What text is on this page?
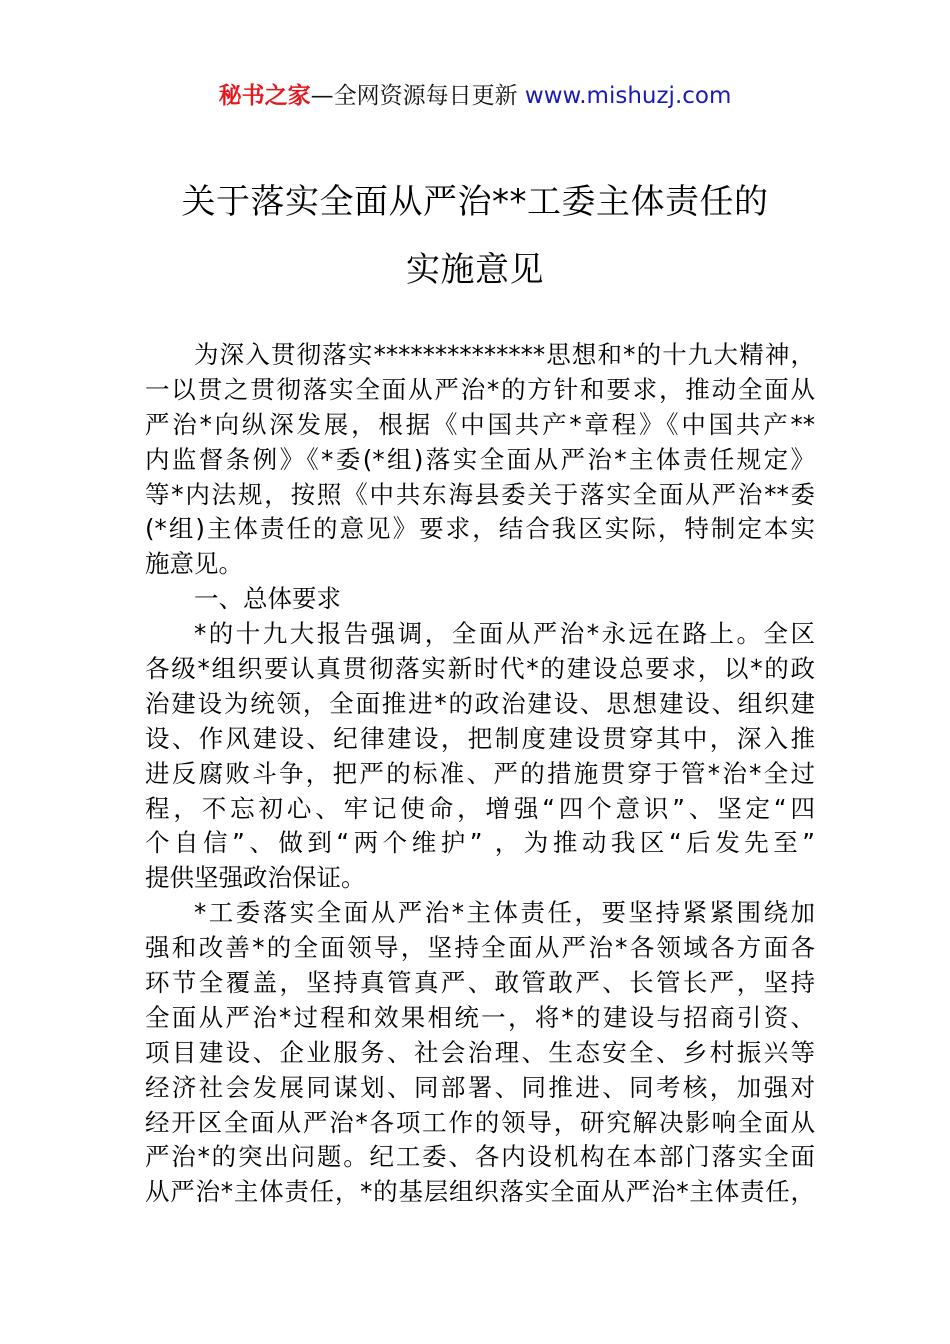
秘书之家—全网资源每日更新 www.mishuzj.com
关于落实全面从严治**工委主体责任的
实施意见
为深入贯彻落实**************思想和*的十九大精神，
一以贯之贯彻落实全面从严治*的方针和要求，推动全面从
严治*向纵深发展，根据《中国共产*章程》《中国共产**
内监督条例》《*委(*组)落实全面从严治*主体责任规定》
等*内法规，按照《中共东海县委关于落实全面从严治**委
(*组)主体责任的意见》要求，结合我区实际，特制定本实
施意见。
一、总体要求
*的十九大报告强调，全面从严治*永远在路上。全区
各级*组织要认真贯彻落实新时代*的建设总要求，以*的政
治建设为统领，全面推进*的政治建设、思想建设、组织建
设、作风建设、纪律建设，把制度建设贯穿其中，深入推
进反腐败斗争，把严的标准、严的措施贯穿于管*治*全过
程，不忘初心、牢记使命，增强“四个意识”、坚定“四
个自信”、做到“两个维护” ，为推动我区“后发先至”
提供坚强政治保证。
*工委落实全面从严治*主体责任，要坚持紧紧围绕加
强和改善*的全面领导，坚持全面从严治*各领域各方面各
环节全覆盖，坚持真管真严、敢管敢严、长管长严，坚持
全面从严治*过程和效果相统一，将*的建设与招商引资、
项目建设、企业服务、社会治理、生态安全、乡村振兴等
经济社会发展同谋划、同部署、同推进、同考核，加强对
经开区全面从严治*各项工作的领导，研究解决影响全面从
严治*的突出问题。纪工委、各内设机构在本部门落实全面
从严治*主体责任，*的基层组织落实全面从严治*主体责任，
